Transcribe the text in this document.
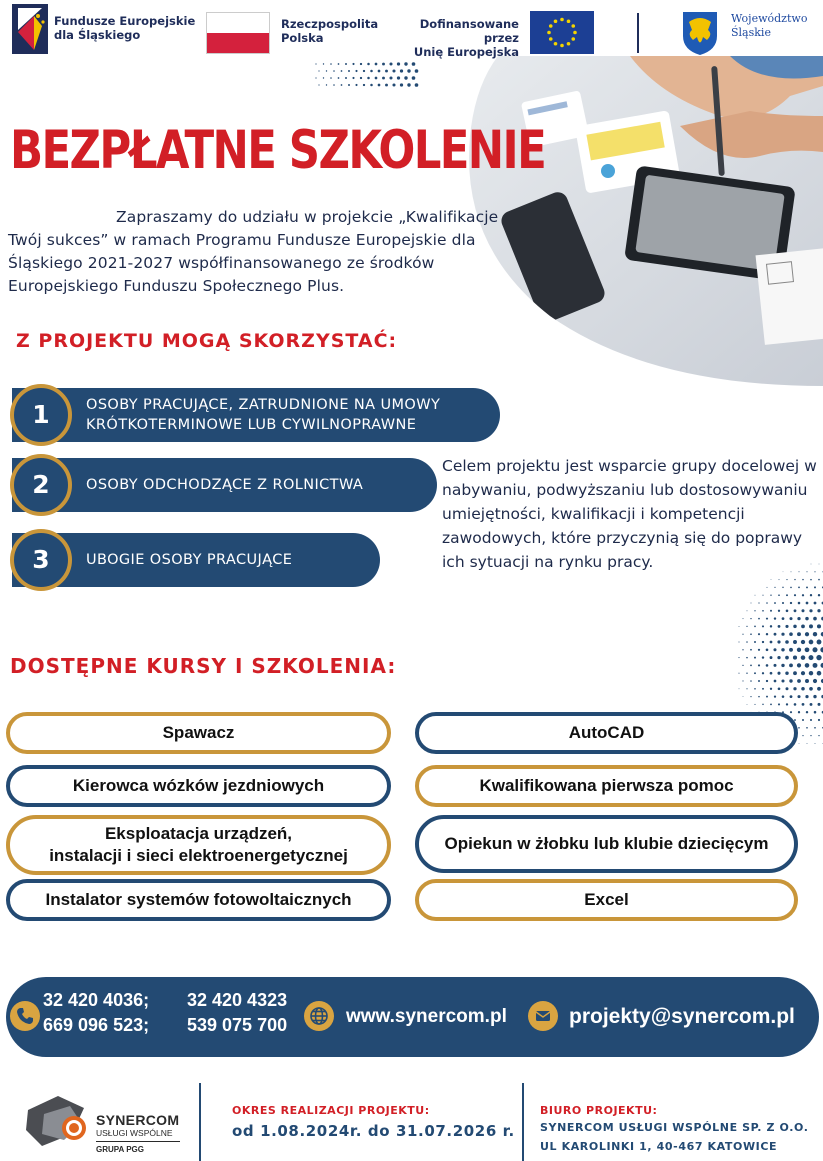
Fundusze Europejskie
dla Śląskiego
Rzeczpospolita
Polska
Dofinansowane przez
Unię Europejską
Województwo
Śląskie
BEZPŁATNE SZKOLENIE

Zapraszamy do udziału w projekcie „Kwalifikacje Twój sukces” w ramach Programu Fundusze Europejskie dla Śląskiego 2021-2027 współfinansowanego ze środków Europejskiego Funduszu Społecznego Plus.

Z PROJEKTU MOGĄ SKORZYSTAĆ:
1	OSOBY PRACUJĄCE, ZATRUDNIONE NA UMOWY
KRÓTKOTERMINOWE LUB CYWILNOPRAWNE
2	OSOBY ODCHODZĄCE Z ROLNICTWA
3	UBOGIE OSOBY PRACUJĄCE

Celem projektu jest wsparcie grupy docelowej w nabywaniu, podwyższaniu lub dostosowywaniu umiejętności, kwalifikacji i kompetencji zawodowych, które przyczynią się do poprawy ich sytuacji na rynku pracy.

DOSTĘPNE KURSY I SZKOLENIA:
Spawacz	AutoCAD
Kierowca wózków jezdniowych	Kwalifikowana pierwsza pomoc
Eksploatacja urządzeń,
instalacji i sieci elektroenergetycznej
Opiekun w żłobku lub klubie dziecięcym
Instalator systemów fotowoltaicznych	Excel
32 420 4036;
669 096 523;
32 420 4323
539 075 700	www.synercom.pl	projekty@synercom.pl
SYNERCOM
USŁUGI WSPÓLNE
GRUPA PGG
OKRES REALIZACJI PROJEKTU:
od 1.08.2024r. do 31.07.2026 r.
BIURO PROJEKTU:
SYNERCOM USŁUGI WSPÓLNE SP. Z O.O.
UL KAROLINKI 1, 40-467 KATOWICE
